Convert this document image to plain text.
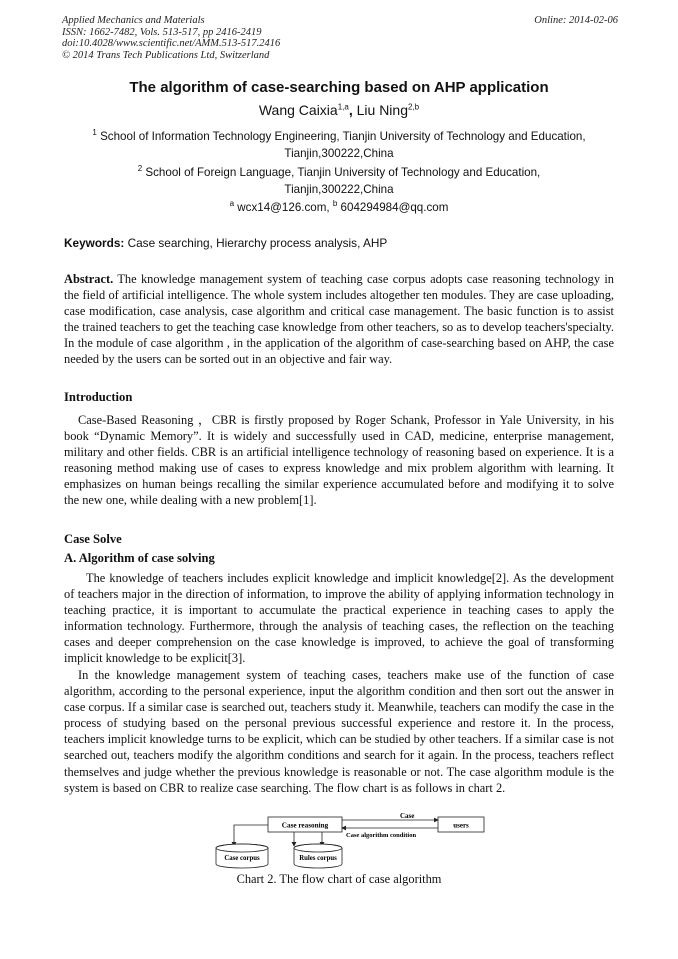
Applied Mechanics and Materials
ISSN: 1662-7482, Vols. 513-517, pp 2416-2419
doi:10.4028/www.scientific.net/AMM.513-517.2416
© 2014 Trans Tech Publications Ltd, Switzerland
Online: 2014-02-06
The algorithm of case-searching based on AHP application
Wang Caixia$^{1,a}$, Liu Ning$^{2,b}$
$^1$ School of Information Technology Engineering, Tianjin University of Technology and Education, Tianjin,300222,China
$^2$ School of Foreign Language, Tianjin University of Technology and Education, Tianjin,300222,China
$^a$ wcx14@126.com, $^b$ 604294984@qq.com
Keywords: Case searching, Hierarchy process analysis, AHP
Abstract. The knowledge management system of teaching case corpus adopts case reasoning technology in the field of artificial intelligence. The whole system includes altogether ten modules. They are case uploading, case modification, case analysis, case algorithm and critical case management. The basic function is to assist the trained teachers to get the teaching case knowledge from other teachers, so as to develop teachers'specialty. In the module of case algorithm , in the application of the algorithm of case-searching based on AHP, the case needed by the users can be sorted out in an objective and fair way.
Introduction
Case-Based Reasoning ，CBR is firstly proposed by Roger Schank, Professor in Yale University, in his book “Dynamic Memory”. It is widely and successfully used in CAD, medicine, enterprise management, military and other fields. CBR is an artificial intelligence technology of reasoning based on experience. It is a reasoning method making use of cases to express knowledge and mix problem algorithm with learning. It emphasizes on human beings recalling the similar experience accumulated before and modifying it to solve the new one, while dealing with a new problem[1].
Case Solve
A. Algorithm of case solving
The knowledge of teachers includes explicit knowledge and implicit knowledge[2]. As the development of teachers major in the direction of information, to improve the ability of applying information technology in teaching practice, it is important to accumulate the practical experience in teaching cases to apply the information technology. Furthermore, through the analysis of teaching cases, the reflection on the teaching cases and deeper comprehension on the case knowledge is improved, to achieve the goal of transforming implicit knowledge to be explicit[3].
In the knowledge management system of teaching cases, teachers make use of the function of case algorithm, according to the personal experience, input the algorithm condition and then sort out the answer in case corpus. If a similar case is searched out, teachers study it. Meanwhile, teachers can modify the case in the process of studying based on the personal previous successful experience and restore it. In the process, teachers implicit knowledge turns to be explicit, which can be studied by other teachers. If a similar case is not searched out, teachers modify the algorithm conditions and search for it again. In the process, teachers reflect themselves and judge whether the previous knowledge is reasonable or not. The case algorithm module is the system is based on CBR to realize case searching. The flow chart is as follows in chart 2.
Case
Case reasoning	users
Case algorithm condition
Case corpus	Rules corpus
Chart 2. The flow chart of case algorithm
